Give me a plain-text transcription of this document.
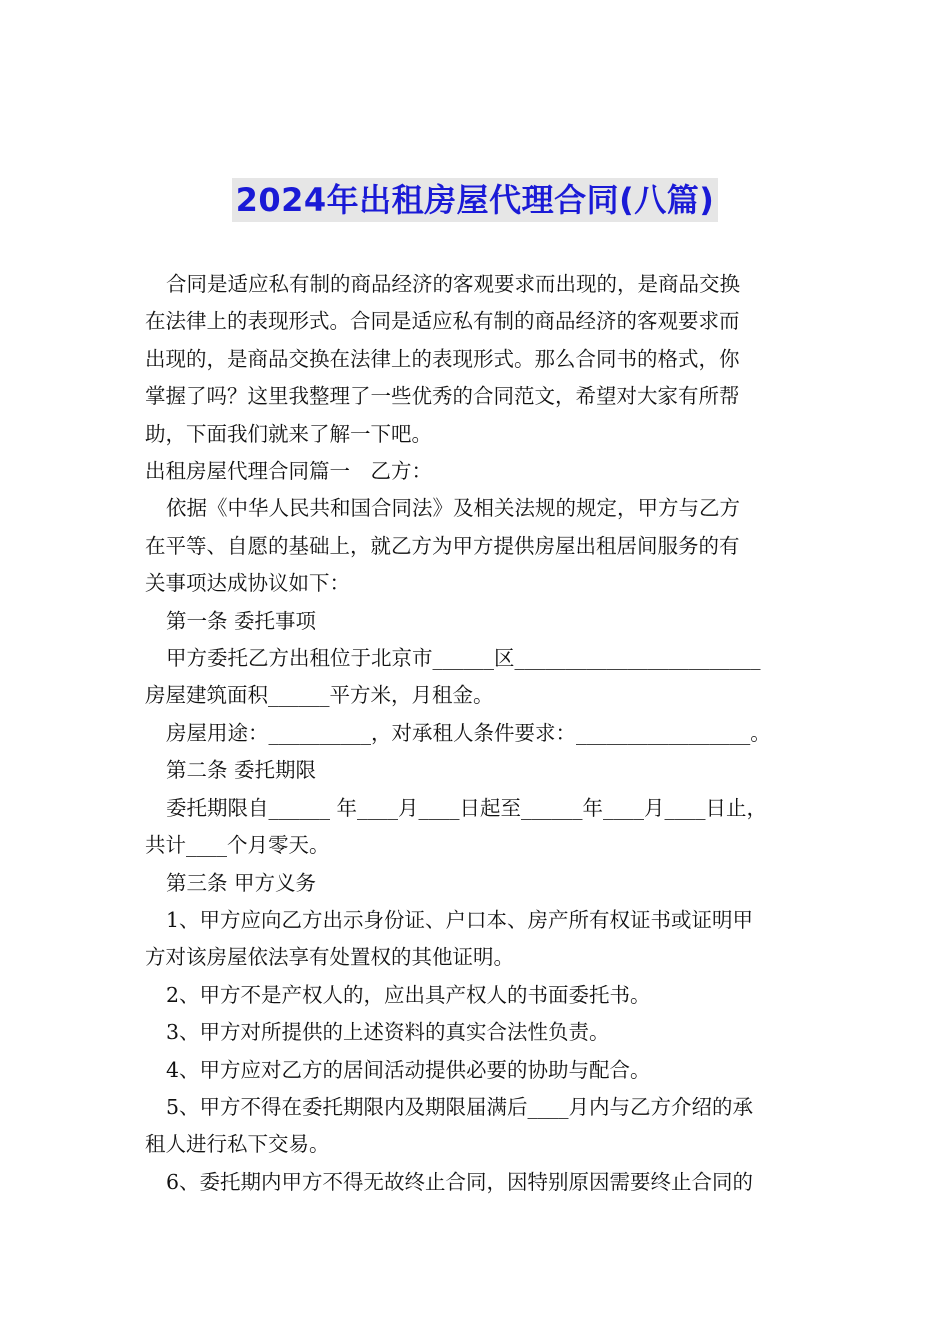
2024年出租房屋代理合同(八篇)

合同是适应私有制的商品经济的客观要求而出现的，是商品交换

在法律上的表现形式。合同是适应私有制的商品经济的客观要求而

出现的，是商品交换在法律上的表现形式。那么合同书的格式，你

掌握了吗？这里我整理了一些优秀的合同范文，希望对大家有所帮

助，下面我们就来了解一下吧。

出租房屋代理合同篇一　乙方：

依据《中华人民共和国合同法》及相关法规的规定，甲方与乙方

在平等、自愿的基础上，就乙方为甲方提供房屋出租居间服务的有

关事项达成协议如下：

第一条 委托事项

甲方委托乙方出租位于北京市______区________________________

房屋建筑面积______平方米，月租金。

房屋用途：__________，对承租人条件要求：_________________。

第二条 委托期限

委托期限自______ 年____月____日起至______年____月____日止，

共计____个月零天。

第三条 甲方义务

1、甲方应向乙方出示身份证、户口本、房产所有权证书或证明甲

方对该房屋依法享有处置权的其他证明。

2、甲方不是产权人的，应出具产权人的书面委托书。

3、甲方对所提供的上述资料的真实合法性负责。

4、甲方应对乙方的居间活动提供必要的协助与配合。

5、甲方不得在委托期限内及期限届满后____月内与乙方介绍的承

租人进行私下交易。

6、委托期内甲方不得无故终止合同，因特别原因需要终止合同的
